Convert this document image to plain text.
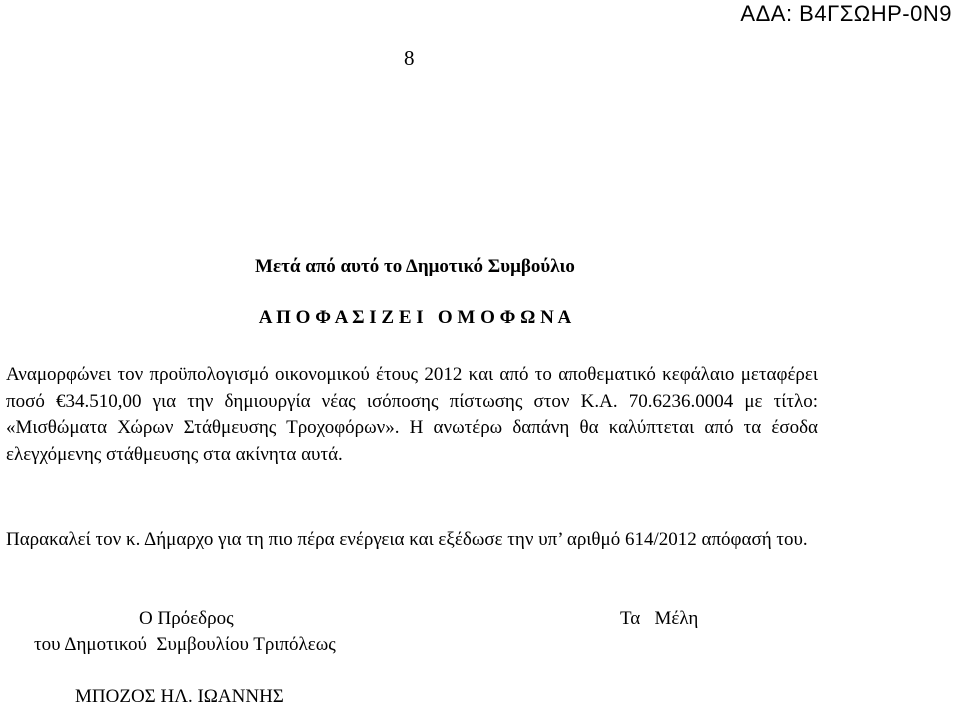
ΑΔΑ: Β4ΓΣΩΗΡ-0Ν9
8
Μετά από αυτό το Δημοτικό Συμβούλιο
Α Π Ο Φ Α Σ Ι Ζ Ε Ι   Ο Μ Ο Φ Ω Ν Α
Αναμορφώνει τον προϋπολογισμό οικονομικού έτους 2012 και από το αποθεματικό κεφάλαιο μεταφέρει ποσό €34.510,00 για την δημιουργία νέας ισόποσης πίστωσης στον Κ.Α. 70.6236.0004 με τίτλο: «Μισθώματα Χώρων Στάθμευσης Τροχοφόρων». Η ανωτέρω δαπάνη θα καλύπτεται από τα έσοδα ελεγχόμενης στάθμευσης στα ακίνητα αυτά.
Παρακαλεί τον κ. Δήμαρχο για τη πιο πέρα ενέργεια και εξέδωσε την υπ’ αριθμό 614/2012 απόφασή του.
Ο Πρόεδρος
του Δημοτικού  Συμβουλίου Τριπόλεως
Τα   Μέλη
ΜΠΟΖΟΣ ΗΛ. ΙΩΑΝΝΗΣ
